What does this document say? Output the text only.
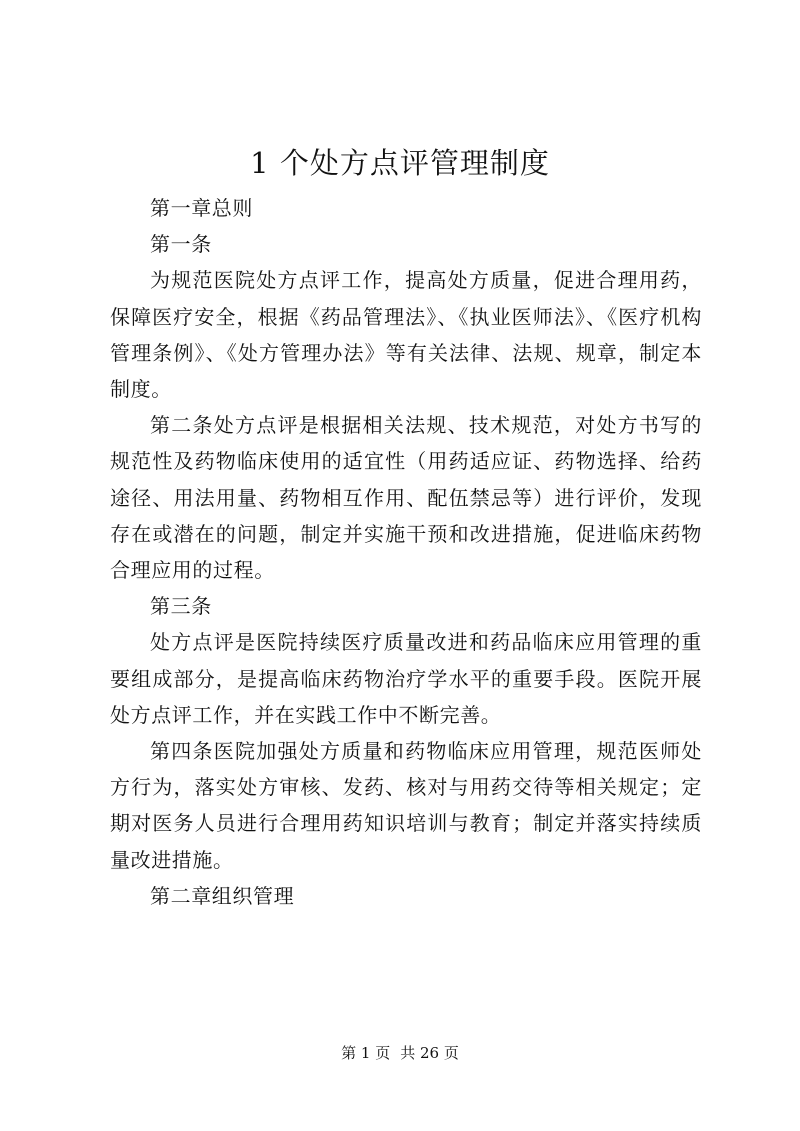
1 个处方点评管理制度

第一章总则

第一条

为规范医院处方点评工作，提高处方质量，促进合理用药，保障医疗安全，根据《药品管理法》、《执业医师法》、《医疗机构管理条例》、《处方管理办法》等有关法律、法规、规章，制定本制度。

第二条处方点评是根据相关法规、技术规范，对处方书写的规范性及药物临床使用的适宜性（用药适应证、药物选择、给药途径、用法用量、药物相互作用、配伍禁忌等）进行评价，发现存在或潜在的问题，制定并实施干预和改进措施，促进临床药物合理应用的过程。

第三条

处方点评是医院持续医疗质量改进和药品临床应用管理的重要组成部分，是提高临床药物治疗学水平的重要手段。医院开展处方点评工作，并在实践工作中不断完善。

第四条医院加强处方质量和药物临床应用管理，规范医师处方行为，落实处方审核、发药、核对与用药交待等相关规定；定期对医务人员进行合理用药知识培训与教育；制定并落实持续质量改进措施。

第二章组织管理

第 1 页 共 26 页
